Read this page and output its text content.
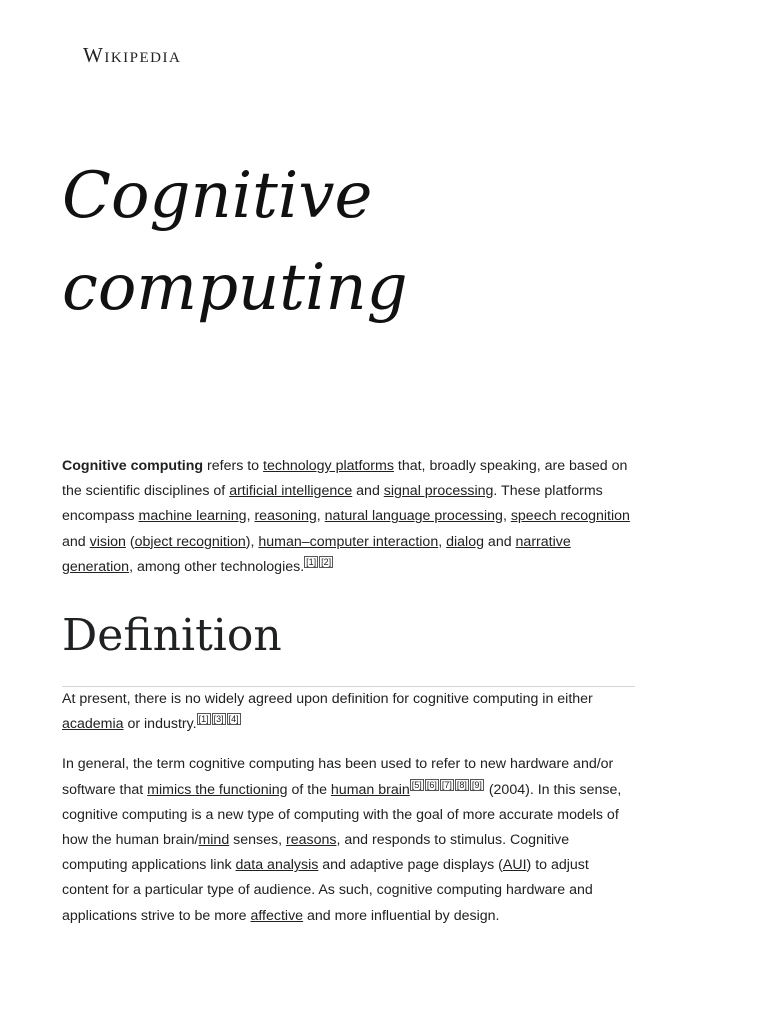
Wikipedia
Cognitive computing

Cognitive computing refers to technology platforms that, broadly speaking, are based on the scientific disciplines of artificial intelligence and signal processing. These platforms encompass machine learning, reasoning, natural language processing, speech recognition and vision (object recognition), human–computer interaction, dialog and narrative generation, among other technologies. [1] [2]

Definition

At present, there is no widely agreed upon definition for cognitive computing in either academia or industry. [1] [3] [4]

In general, the term cognitive computing has been used to refer to new hardware and/or software that mimics the functioning of the human brain [5] [6] [7] [8] [9] (2004). In this sense, cognitive computing is a new type of computing with the goal of more accurate models of how the human brain/mind senses, reasons, and responds to stimulus. Cognitive computing applications link data analysis and adaptive page displays (AUI) to adjust content for a particular type of audience. As such, cognitive computing hardware and applications strive to be more affective and more influential by design.
